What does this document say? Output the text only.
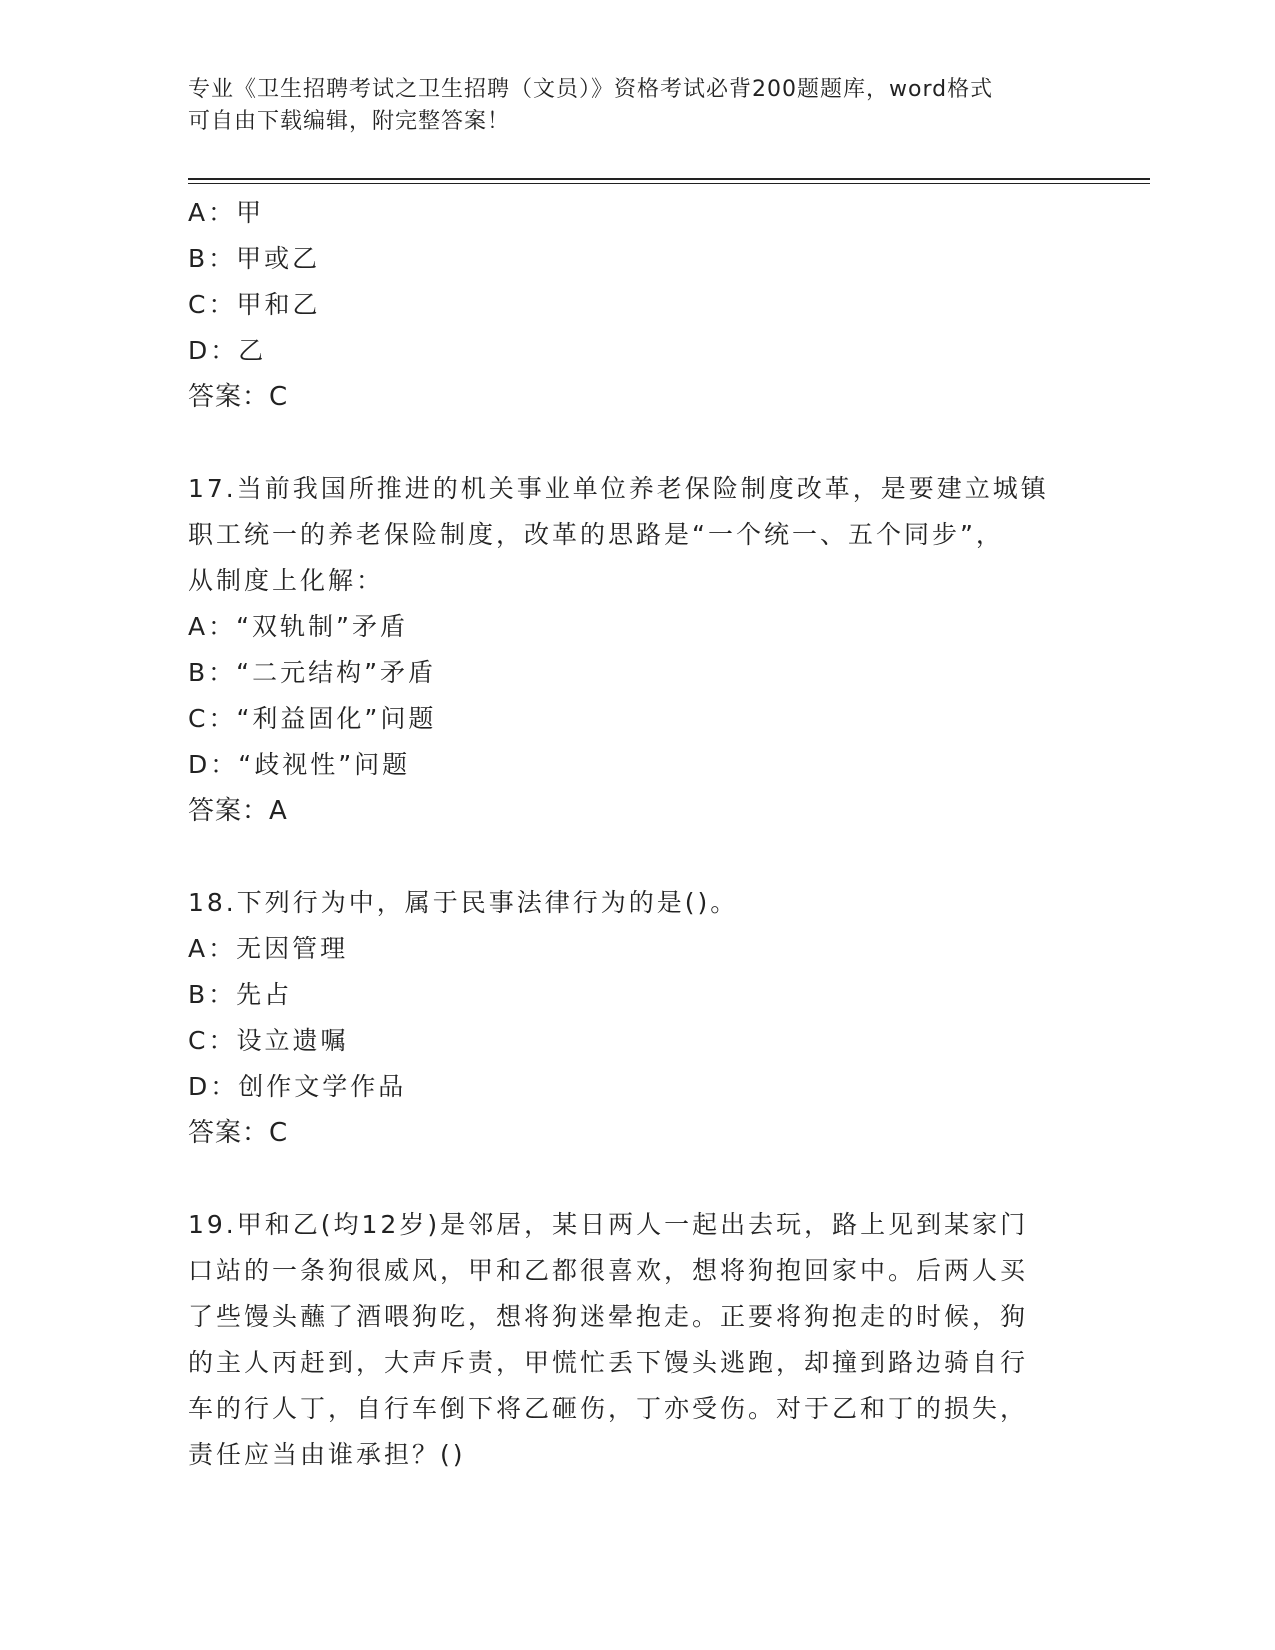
专业《卫生招聘考试之卫生招聘（文员）》资格考试必背200题题库，word格式
可自由下载编辑，附完整答案！
A：甲
B：甲或乙
C：甲和乙
D：乙
答案：C
17.当前我国所推进的机关事业单位养老保险制度改革，是要建立城镇
职工统一的养老保险制度，改革的思路是“一个统一、五个同步”，
从制度上化解：
A：“双轨制”矛盾
B：“二元结构”矛盾
C：“利益固化”问题
D：“歧视性”问题
答案：A
18.下列行为中，属于民事法律行为的是()。
A：无因管理
B：先占
C：设立遗嘱
D：创作文学作品
答案：C
19.甲和乙(均12岁)是邻居，某日两人一起出去玩，路上见到某家门
口站的一条狗很威风，甲和乙都很喜欢，想将狗抱回家中。后两人买
了些馒头蘸了酒喂狗吃，想将狗迷晕抱走。正要将狗抱走的时候，狗
的主人丙赶到，大声斥责，甲慌忙丢下馒头逃跑，却撞到路边骑自行
车的行人丁，自行车倒下将乙砸伤，丁亦受伤。对于乙和丁的损失，
责任应当由谁承担？()
